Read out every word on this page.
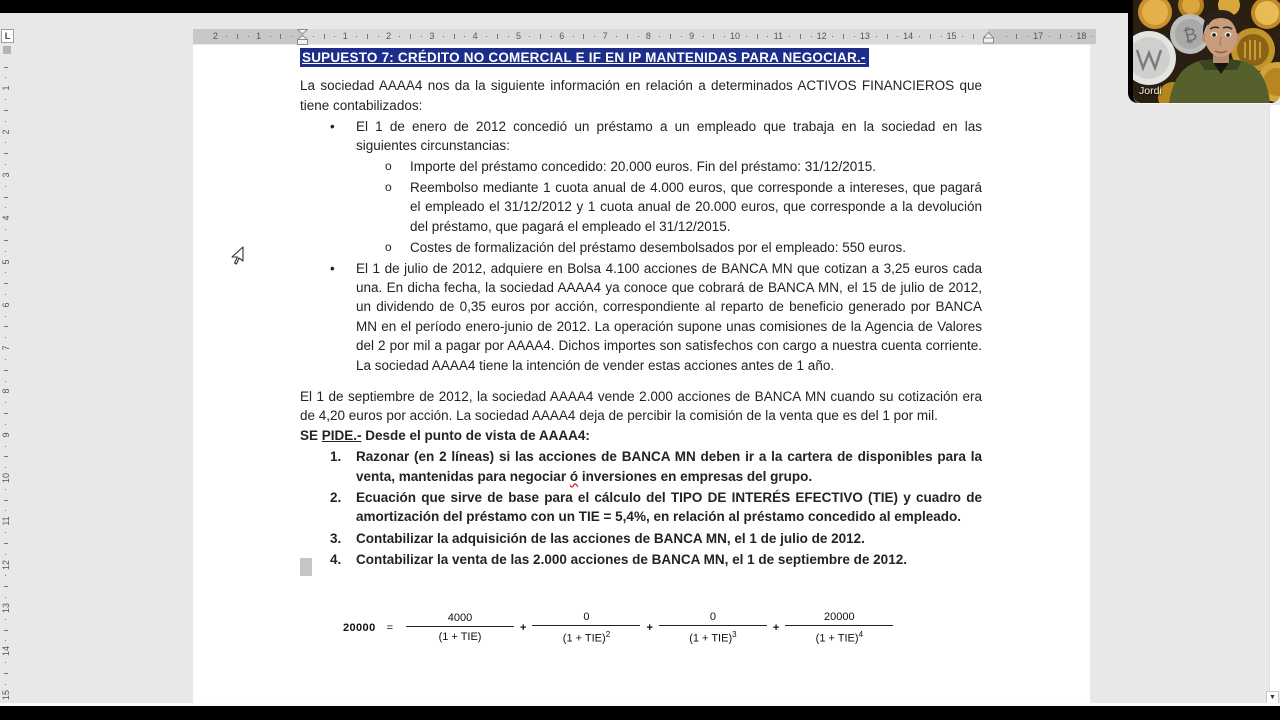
2	1	1	2	3	4	5	6	7	8	9	10	11	12	13	14	15	17	18
L
1
2
3
4
5
6
7
8
9
10
11
12
13
14
15

SUPUESTO 7: CRÉDITO NO COMERCIAL E IF EN IP MANTENIDAS PARA NEGOCIAR.-

La sociedad AAAA4 nos da la siguiente información en relación a determinados ACTIVOS FINANCIEROS que tiene contabilizados:

•	El 1 de enero de 2012 concedió un préstamo a un empleado que trabaja en la sociedad en las siguientes circunstancias:
o	Importe del préstamo concedido: 20.000 euros. Fin del préstamo: 31/12/2015.
o	Reembolso mediante 1 cuota anual de 4.000 euros, que corresponde a intereses, que pagará el empleado el 31/12/2012 y 1 cuota anual de 20.000 euros, que corresponde a la devolución del préstamo, que pagará el empleado el 31/12/2015.
o	Costes de formalización del préstamo desembolsados por el empleado: 550 euros.
•	El 1 de julio de 2012, adquiere en Bolsa 4.100 acciones de BANCA MN que cotizan a 3,25 euros cada una. En dicha fecha, la sociedad AAAA4 ya conoce que cobrará de BANCA MN, el 15 de julio de 2012, un dividendo de 0,35 euros por acción, correspondiente al reparto de beneficio generado por BANCA MN en el período enero-junio de 2012. La operación supone unas comisiones de la Agencia de Valores del 2 por mil a pagar por AAAA4. Dichos importes son satisfechos con cargo a nuestra cuenta corriente. La sociedad AAAA4 tiene la intención de vender estas acciones antes de 1 año.

El 1 de septiembre de 2012, la sociedad AAAA4 vende 2.000 acciones de BANCA MN cuando su cotización era de 4,20 euros por acción. La sociedad AAAA4 deja de percibir la comisión de la venta que es del 1 por mil.

SE PIDE.- Desde el punto de vista de AAAA4:

1.	Razonar (en 2 líneas) si las acciones de BANCA MN deben ir a la cartera de disponibles para la venta, mantenidas para negociar ó inversiones en empresas del grupo.
2.	Ecuación que sirve de base para el cálculo del TIPO DE INTERÉS EFECTIVO (TIE) y cuadro de amortización del préstamo con un TIE = 5,4%, en relación al préstamo concedido al empleado.
3.	Contabilizar la adquisición de las acciones de BANCA MN, el 1 de julio de 2012.
4.	Contabilizar la venta de las 2.000 acciones de BANCA MN, el 1 de septiembre de 2012.
$20000 = \frac{4000}{\text{(1 + TIE)}} + \frac{0}{(1 + TIE)^2} + \frac{0}{(1 + TIE)^3} + \frac{20000}{(1 + TIE)^4}$
▼
₿
Jordi
